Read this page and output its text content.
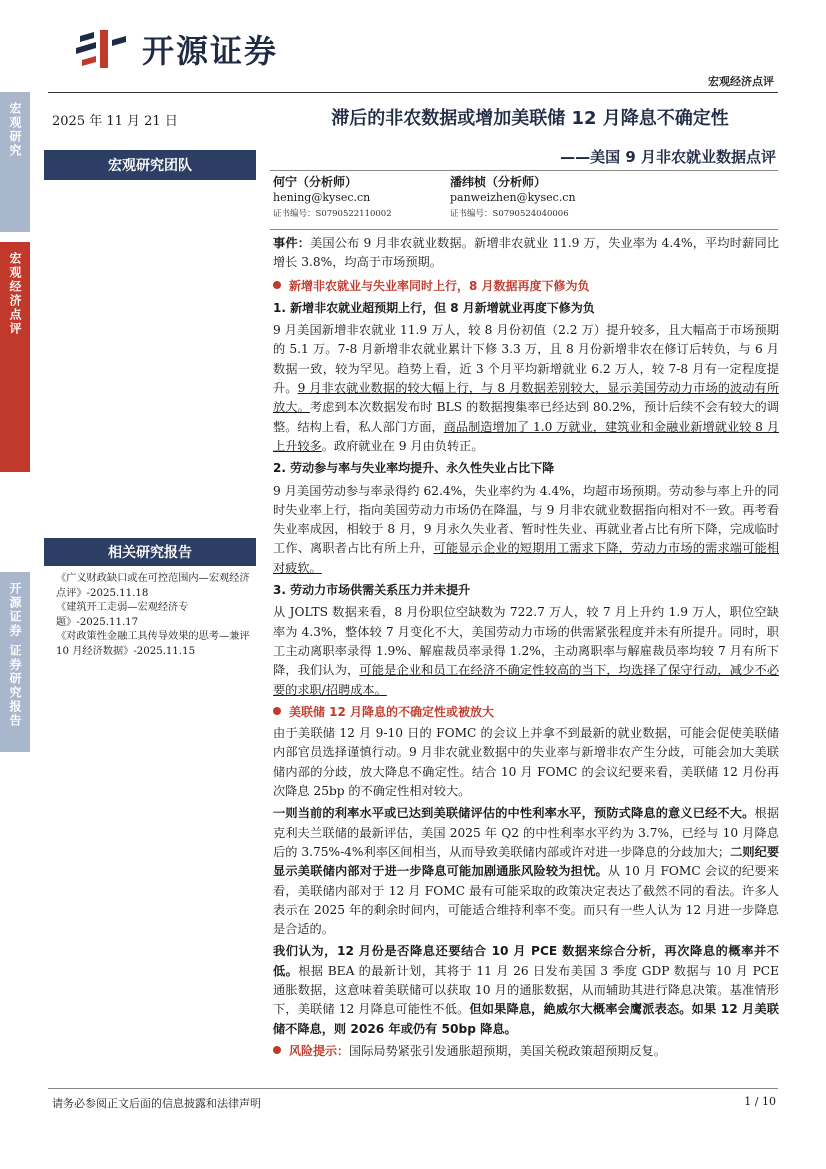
开源证券
宏观经济点评
宏观研究
宏观经济点评
开源证券 证券研究报告
2025 年 11 月 21 日
宏观研究团队
相关研究报告
《广义财政缺口或在可控范围内—宏观经济点评》-2025.11.18
《建筑开工走弱—宏观经济专题》-2025.11.17
《对政策性金融工具传导效果的思考—兼评 10 月经济数据》-2025.11.15
滞后的非农数据或增加美联储 12 月降息不确定性
——美国 9 月非农就业数据点评
何宁（分析师）
hening@kysec.cn
证书编号：S0790522110002
潘纬桢（分析师）
panweizhen@kysec.cn
证书编号：S0790524040006
事件：美国公布 9 月非农就业数据。新增非农就业 11.9 万，失业率为 4.4%，平均时薪同比增长 3.8%，均高于市场预期。
新增非农就业与失业率同时上行，8 月数据再度下修为负
1. 新增非农就业超预期上行，但 8 月新增就业再度下修为负
9 月美国新增非农就业 11.9 万人，较 8 月份初值（2.2 万）提升较多，且大幅高于市场预期的 5.1 万。7-8 月新增非农就业累计下修 3.3 万，且 8 月份新增非农在修订后转负，与 6 月数据一致，较为罕见。趋势上看，近 3 个月平均新增就业 6.2 万人，较 7-8 月有一定程度提升。9 月非农就业数据的较大幅上行，与 8 月数据差别较大，显示美国劳动力市场的波动有所放大。考虑到本次数据发布时 BLS 的数据搜集率已经达到 80.2%，预计后续不会有较大的调整。结构上看，私人部门方面，商品制造增加了 1.0 万就业，建筑业和金融业新增就业较 8 月上升较多。政府就业在 9 月由负转正。
2. 劳动参与率与失业率均提升、永久性失业占比下降
9 月美国劳动参与率录得约 62.4%，失业率约为 4.4%，均超市场预期。劳动参与率上升的同时失业率上行，指向美国劳动力市场仍在降温，与 9 月非农就业数据指向相对不一致。再考看失业率成因，相较于 8 月，9 月永久失业者、暂时性失业、再就业者占比有所下降，完成临时工作、离职者占比有所上升，可能显示企业的短期用工需求下降，劳动力市场的需求端可能相对疲软。
3. 劳动力市场供需关系压力并未提升
从 JOLTS 数据来看，8 月份职位空缺数为 722.7 万人，较 7 月上升约 1.9 万人，职位空缺率为 4.3%，整体较 7 月变化不大，美国劳动力市场的供需紧张程度并未有所提升。同时，职工主动离职率录得 1.9%、解雇裁员率录得 1.2%，主动离职率与解雇裁员率均较 7 月有所下降，我们认为，可能是企业和员工在经济不确定性较高的当下，均选择了保守行动，减少不必要的求职/招聘成本。
美联储 12 月降息的不确定性或被放大
由于美联储 12 月 9-10 日的 FOMC 的会议上并拿不到最新的就业数据，可能会促使美联储内部官员选择谨慎行动。9 月非农就业数据中的失业率与新增非农产生分歧，可能会加大美联储内部的分歧，放大降息不确定性。结合 10 月 FOMC 的会议纪要来看，美联储 12 月份再次降息 25bp 的不确定性相对较大。
一则当前的利率水平或已达到美联储评估的中性利率水平，预防式降息的意义已经不大。根据克利夫兰联储的最新评估，美国 2025 年 Q2 的中性利率水平约为 3.7%，已经与 10 月降息后的 3.75%-4%利率区间相当，从而导致美联储内部或许对进一步降息的分歧加大；二则纪要显示美联储内部对于进一步降息可能加剧通胀风险较为担忧。从 10 月 FOMC 会议的纪要来看，美联储内部对于 12 月 FOMC 最有可能采取的政策决定表达了截然不同的看法。许多人表示在 2025 年的剩余时间内，可能适合维持利率不变。而只有一些人认为 12 月进一步降息是合适的。
我们认为，12 月份是否降息还要结合 10 月 PCE 数据来综合分析，再次降息的概率并不低。根据 BEA 的最新计划，其将于 11 月 26 日发布美国 3 季度 GDP 数据与 10 月 PCE 通胀数据，这意味着美联储可以获取 10 月的通胀数据，从而辅助其进行降息决策。基准情形下，美联储 12 月降息可能性不低。但如果降息，絶威尔大概率会鹰派表态。如果 12 月美联储不降息，则 2026 年或仍有 50bp 降息。
风险提示：国际局势紧张引发通胀超预期，美国关税政策超预期反复。
请务必参阅正文后面的信息披露和法律声明	1 / 10
